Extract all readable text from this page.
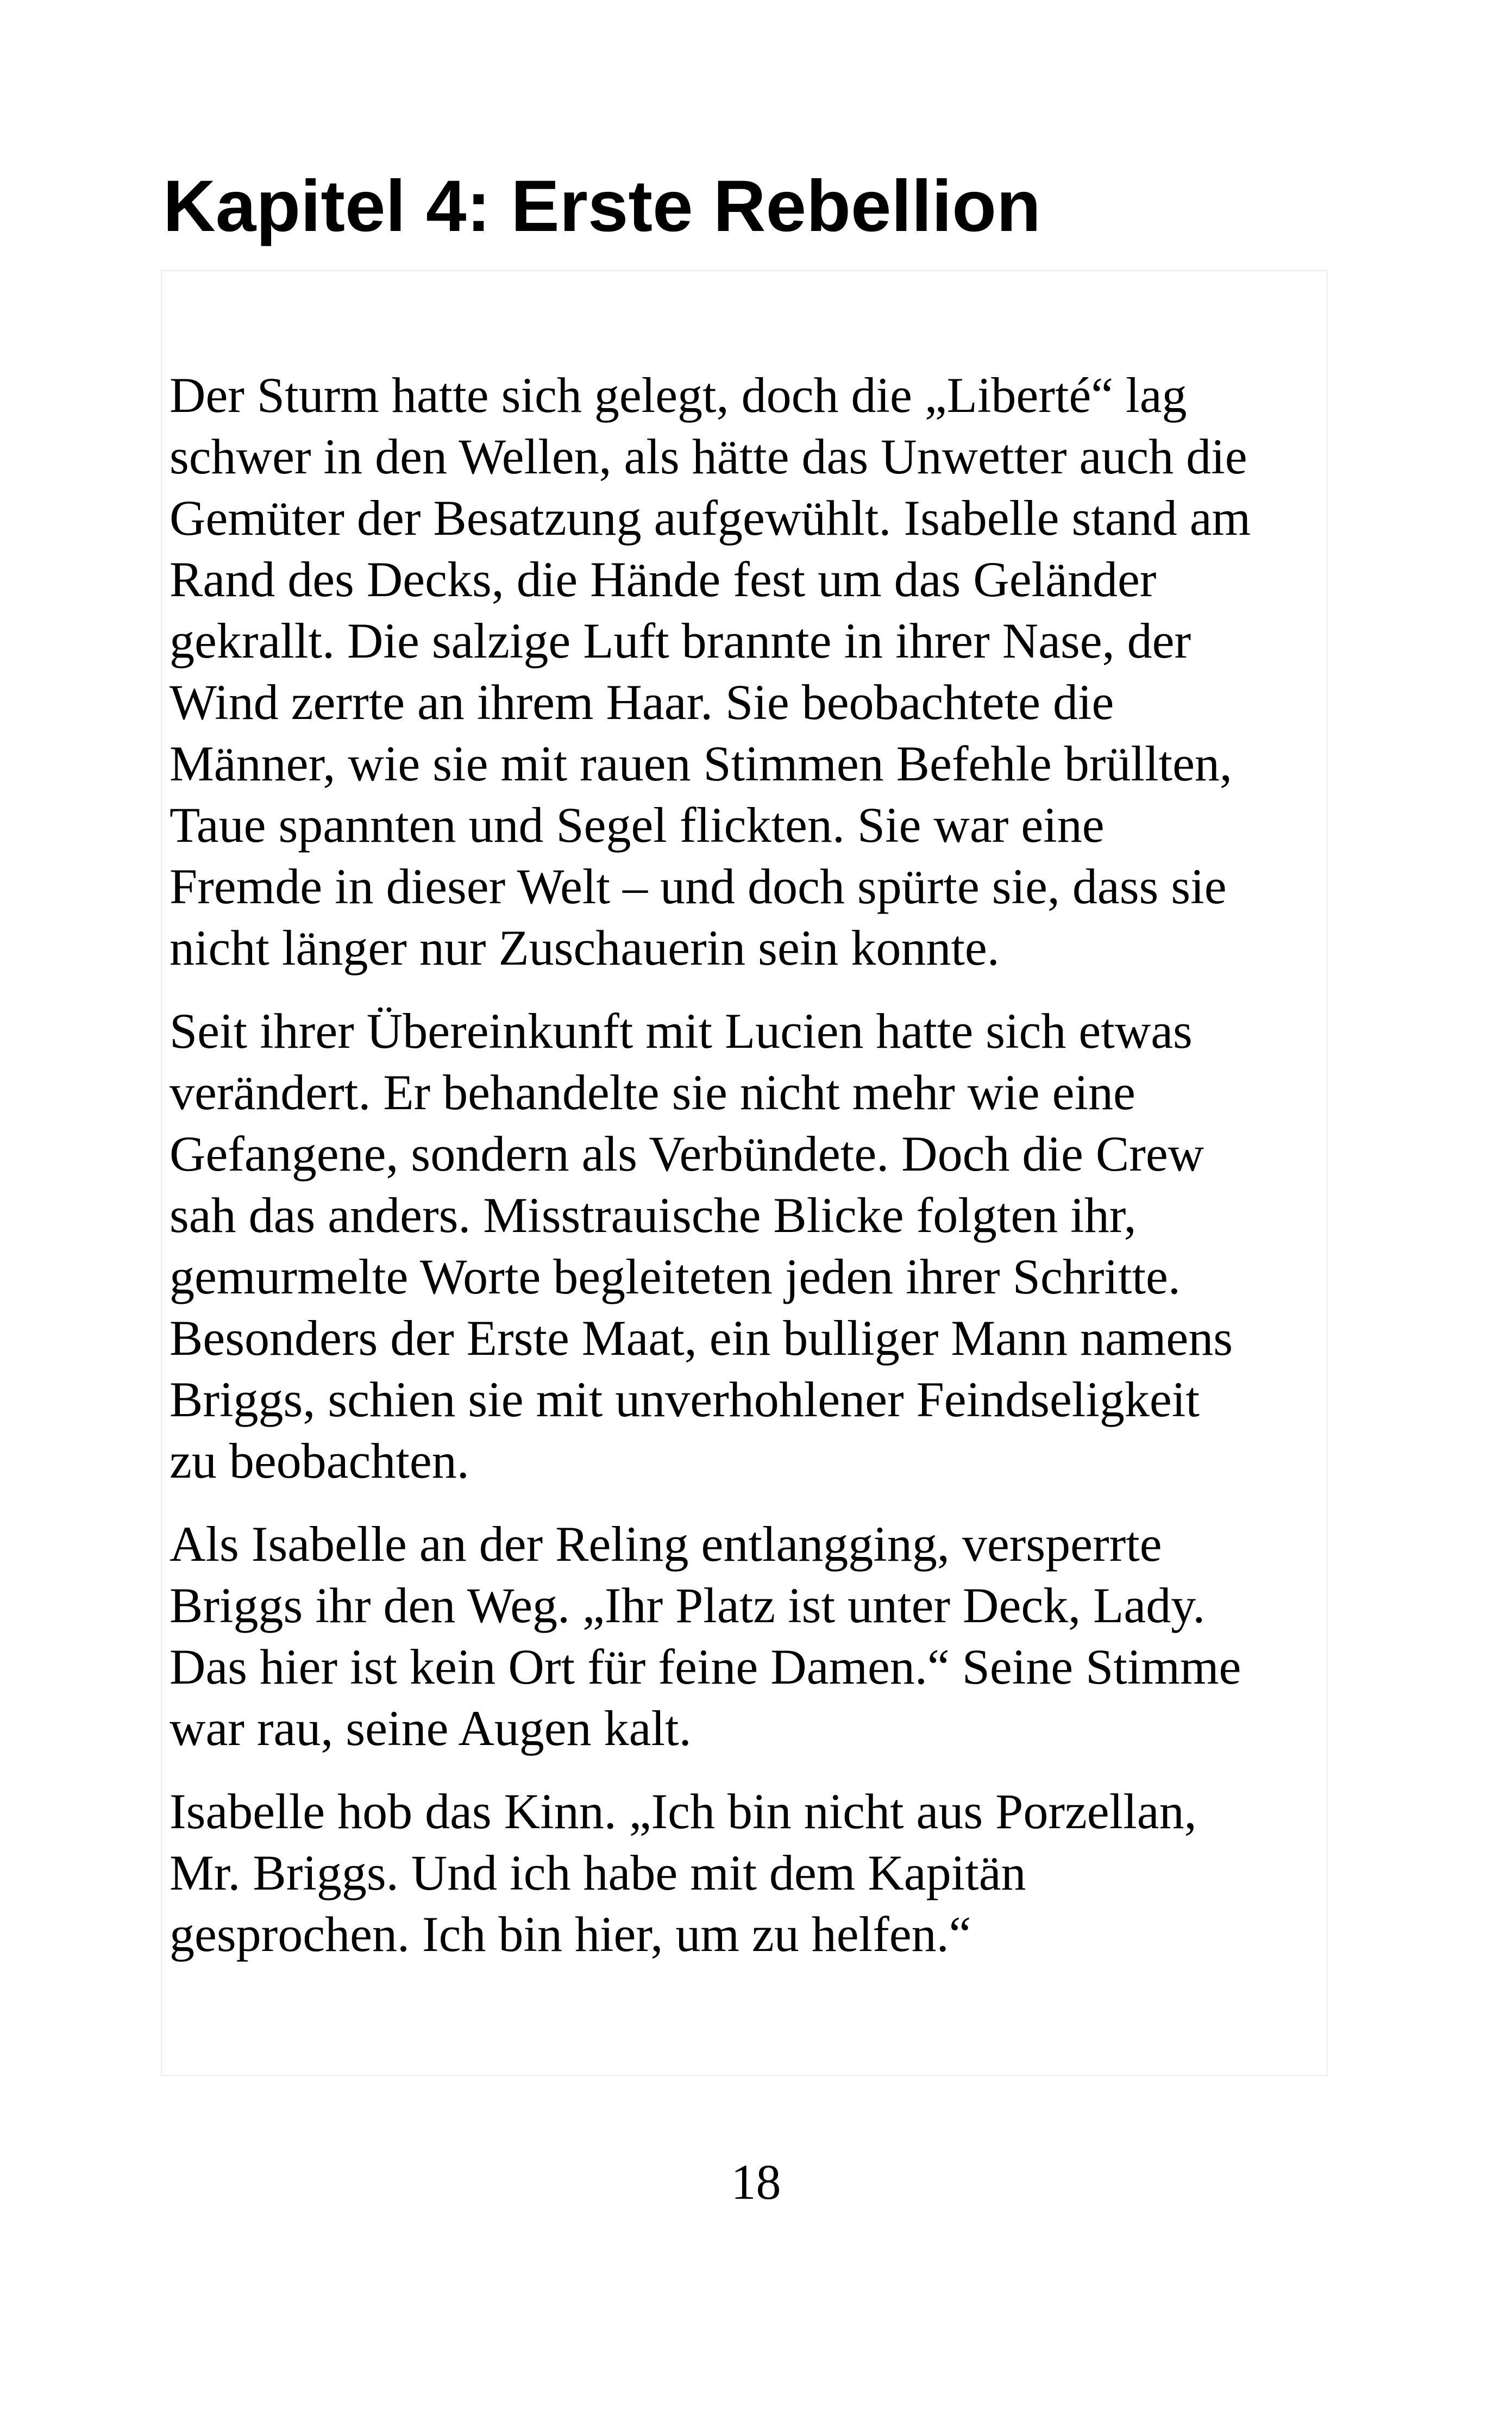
Kapitel 4: Erste Rebellion

Der Sturm hatte sich gelegt, doch die „Liberté“ lag
schwer in den Wellen, als hätte das Unwetter auch die
Gemüter der Besatzung aufgewühlt. Isabelle stand am
Rand des Decks, die Hände fest um das Geländer
gekrallt. Die salzige Luft brannte in ihrer Nase, der
Wind zerrte an ihrem Haar. Sie beobachtete die
Männer, wie sie mit rauen Stimmen Befehle brüllten,
Taue spannten und Segel flickten. Sie war eine
Fremde in dieser Welt – und doch spürte sie, dass sie
nicht länger nur Zuschauerin sein konnte.

Seit ihrer Übereinkunft mit Lucien hatte sich etwas
verändert. Er behandelte sie nicht mehr wie eine
Gefangene, sondern als Verbündete. Doch die Crew
sah das anders. Misstrauische Blicke folgten ihr,
gemurmelte Worte begleiteten jeden ihrer Schritte.
Besonders der Erste Maat, ein bulliger Mann namens
Briggs, schien sie mit unverhohlener Feindseligkeit
zu beobachten.

Als Isabelle an der Reling entlangging, versperrte
Briggs ihr den Weg. „Ihr Platz ist unter Deck, Lady.
Das hier ist kein Ort für feine Damen.“ Seine Stimme
war rau, seine Augen kalt.

Isabelle hob das Kinn. „Ich bin nicht aus Porzellan,
Mr. Briggs. Und ich habe mit dem Kapitän
gesprochen. Ich bin hier, um zu helfen.“

18
